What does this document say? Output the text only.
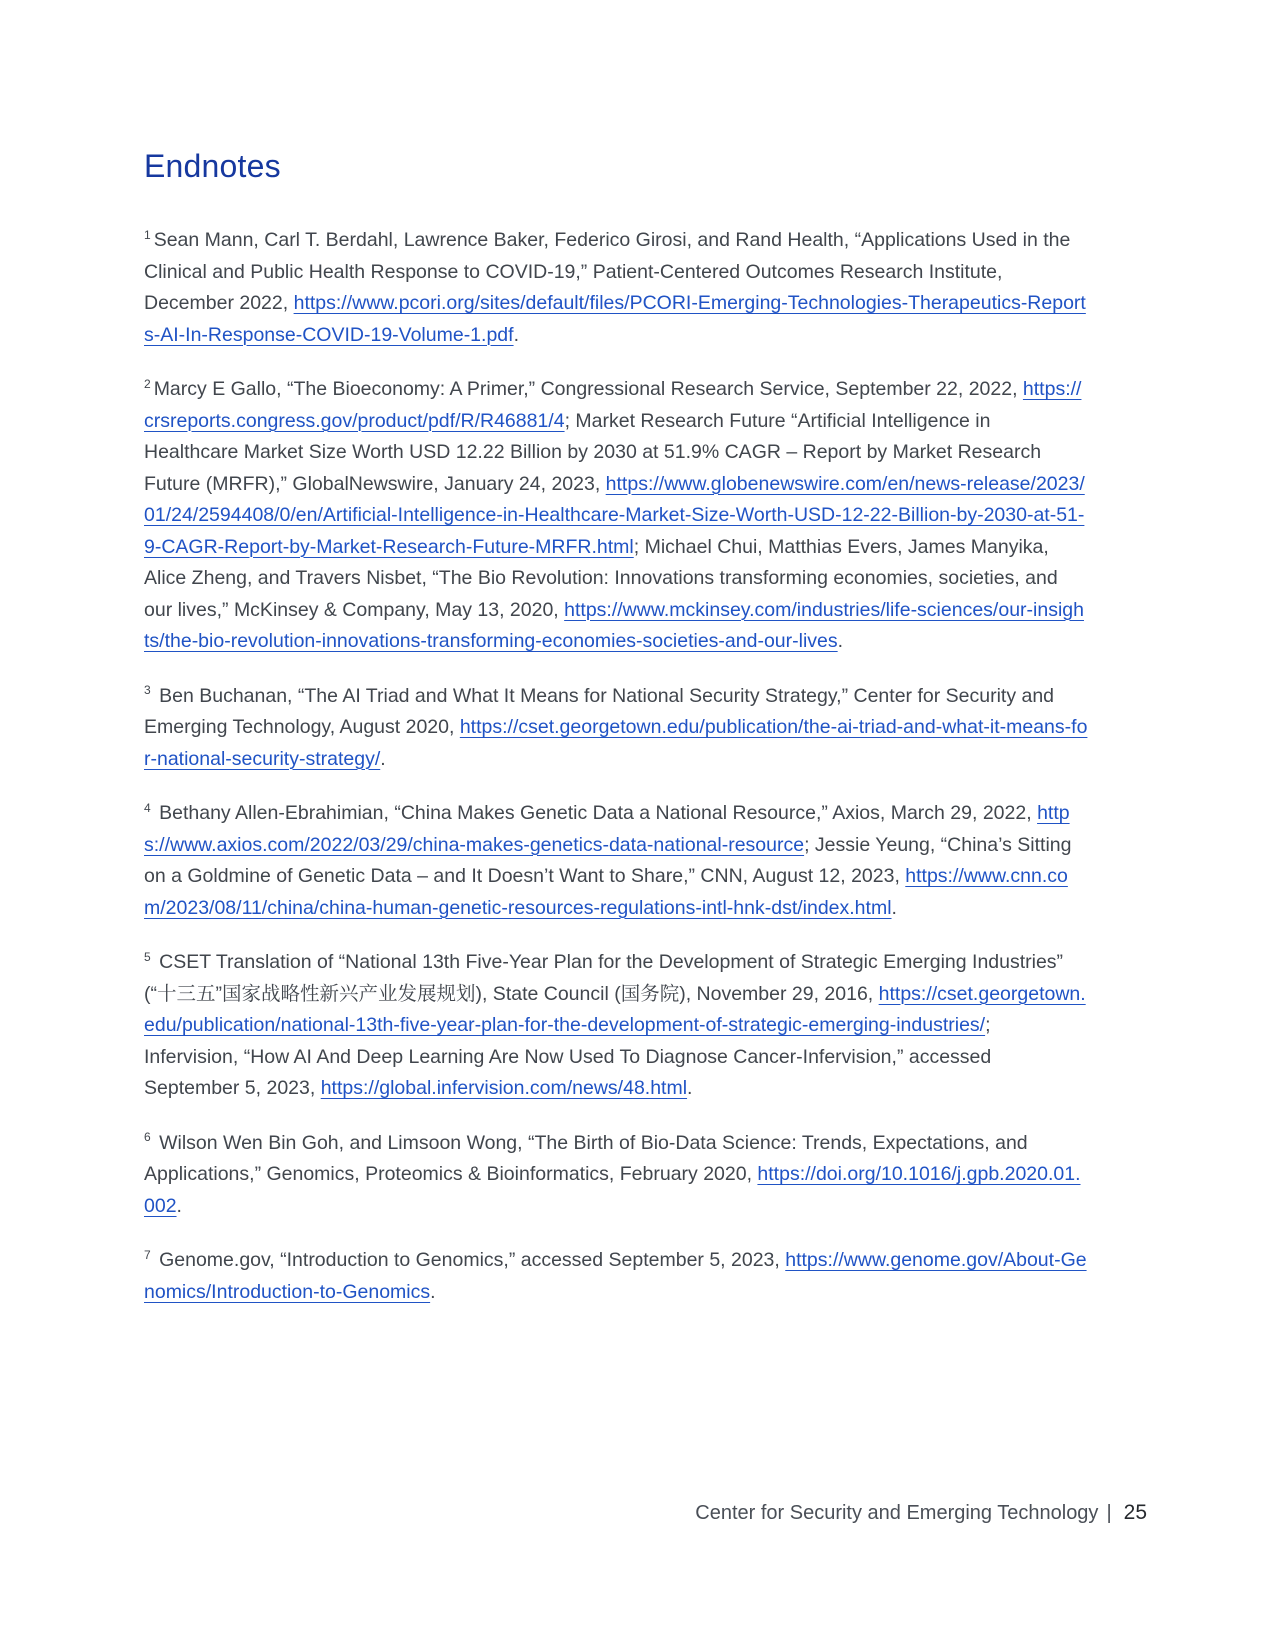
Endnotes

$^1$ Sean Mann, Carl T. Berdahl, Lawrence Baker, Federico Girosi, and Rand Health, “Applications Used in the Clinical and Public Health Response to COVID-19,” Patient-Centered Outcomes Research Institute, December 2022, https://www.pcori.org/sites/default/files/PCORI-Emerging-Technologies-Therapeutics-Reports-AI-In-Response-COVID-19-Volume-1.pdf.

$^2$ Marcy E Gallo, “The Bioeconomy: A Primer,” Congressional Research Service, September 22, 2022, https://crsreports.congress.gov/product/pdf/R/R46881/4; Market Research Future “Artificial Intelligence in Healthcare Market Size Worth USD 12.22 Billion by 2030 at 51.9% CAGR – Report by Market Research Future (MRFR),” GlobalNewswire, January 24, 2023, https://www.globenewswire.com/en/news-release/2023/01/24/2594408/0/en/Artificial-Intelligence-in-Healthcare-Market-Size-Worth-USD-12-22-Billion-by-2030-at-51-9-CAGR-Report-by-Market-Research-Future-MRFR.html; Michael Chui, Matthias Evers, James Manyika, Alice Zheng, and Travers Nisbet, “The Bio Revolution: Innovations transforming economies, societies, and our lives,” McKinsey & Company, May 13, 2020, https://www.mckinsey.com/industries/life-sciences/our-insights/the-bio-revolution-innovations-transforming-economies-societies-and-our-lives.

$^3$ Ben Buchanan, “The AI Triad and What It Means for National Security Strategy,” Center for Security and Emerging Technology, August 2020, https://cset.georgetown.edu/publication/the-ai-triad-and-what-it-means-for-national-security-strategy/.

$^4$ Bethany Allen-Ebrahimian, “China Makes Genetic Data a National Resource,” Axios, March 29, 2022, https://www.axios.com/2022/03/29/china-makes-genetics-data-national-resource; Jessie Yeung, “China’s Sitting on a Goldmine of Genetic Data – and It Doesn’t Want to Share,” CNN, August 12, 2023, https://www.cnn.com/2023/08/11/china/china-human-genetic-resources-regulations-intl-hnk-dst/index.html.

$^5$ CSET Translation of “National 13th Five-Year Plan for the Development of Strategic Emerging Industries” (“十三五”国家战略性新兴产业发展规划), State Council (国务院), November 29, 2016, https://cset.georgetown.edu/publication/national-13th-five-year-plan-for-the-development-of-strategic-emerging-industries/; Infervision, “How AI And Deep Learning Are Now Used To Diagnose Cancer-Infervision,” accessed September 5, 2023, https://global.infervision.com/news/48.html.

$^6$ Wilson Wen Bin Goh, and Limsoon Wong, “The Birth of Bio-Data Science: Trends, Expectations, and Applications,” Genomics, Proteomics & Bioinformatics, February 2020, https://doi.org/10.1016/j.gpb.2020.01.002.

$^7$ Genome.gov, “Introduction to Genomics,” accessed September 5, 2023, https://www.genome.gov/About-Genomics/Introduction-to-Genomics.

Center for Security and Emerging Technology | 25
